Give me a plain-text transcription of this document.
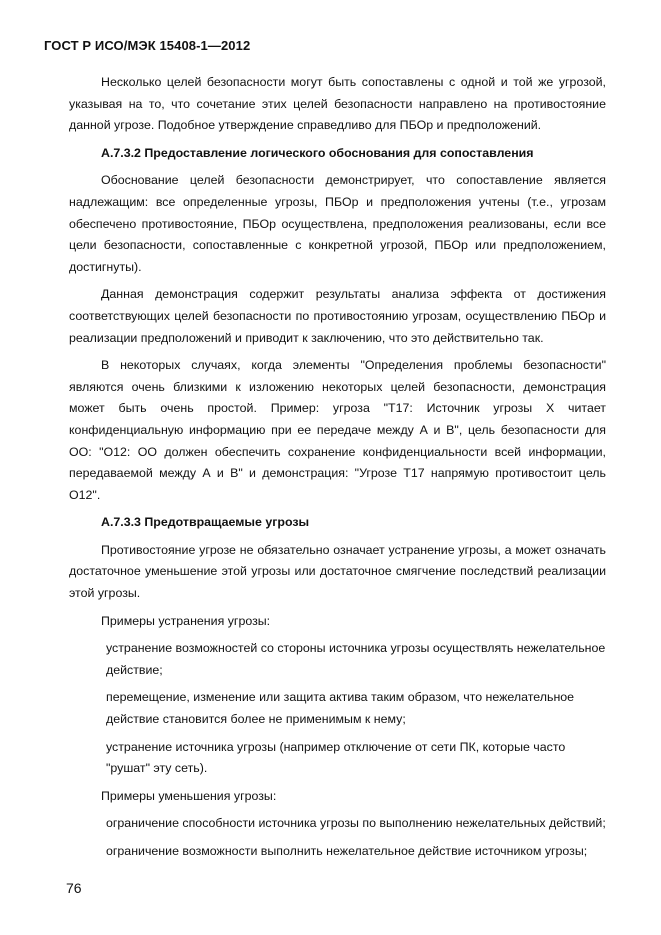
ГОСТ Р ИСО/МЭК 15408-1—2012

Несколько целей безопасности могут быть сопоставлены с одной и той же угрозой, указывая на то, что сочетание этих целей безопасности направлено на противостояние данной угрозе. Подобное утверждение справедливо для ПБОр и предположений.

A.7.3.2 Предоставление логического обоснования для сопоставления

Обоснование целей безопасности демонстрирует, что сопоставление является надлежащим: все определенные угрозы, ПБОр и предположения учтены (т.е., угрозам обеспечено противостояние, ПБОр осуществлена, предположения реализованы, если все цели безопасности, сопоставленные с конкретной угрозой, ПБОр или предположением, достигнуты).

Данная демонстрация содержит результаты анализа эффекта от достижения соответствующих целей безопасности по противостоянию угрозам, осуществлению ПБОр и реализации предположений и приводит к заключению, что это действительно так.

В некоторых случаях, когда элементы "Определения проблемы безопасности" являются очень близкими к изложению некоторых целей безопасности, демонстрация может быть очень простой. Пример: угроза "Т17: Источник угрозы X читает конфиденциальную информацию при ее передаче между А и В", цель безопасности для ОО: "О12: ОО должен обеспечить сохранение конфиденциальности всей информации, передаваемой между А и В" и демонстрация: "Угрозе Т17 напрямую противостоит цель О12".

A.7.3.3 Предотвращаемые угрозы

Противостояние угрозе не обязательно означает устранение угрозы, а может означать достаточное уменьшение этой угрозы или достаточное смягчение последствий реализации этой угрозы.

Примеры устранения угрозы:

устранение возможностей со стороны источника угрозы осуществлять нежелательное действие;

перемещение, изменение или защита актива таким образом, что нежелательное действие становится более не применимым к нему;

устранение источника угрозы (например отключение от сети ПК, которые часто "рушат" эту сеть).

Примеры уменьшения угрозы:

ограничение способности источника угрозы по выполнению нежелательных действий;

ограничение возможности выполнить нежелательное действие источником угрозы;

76
